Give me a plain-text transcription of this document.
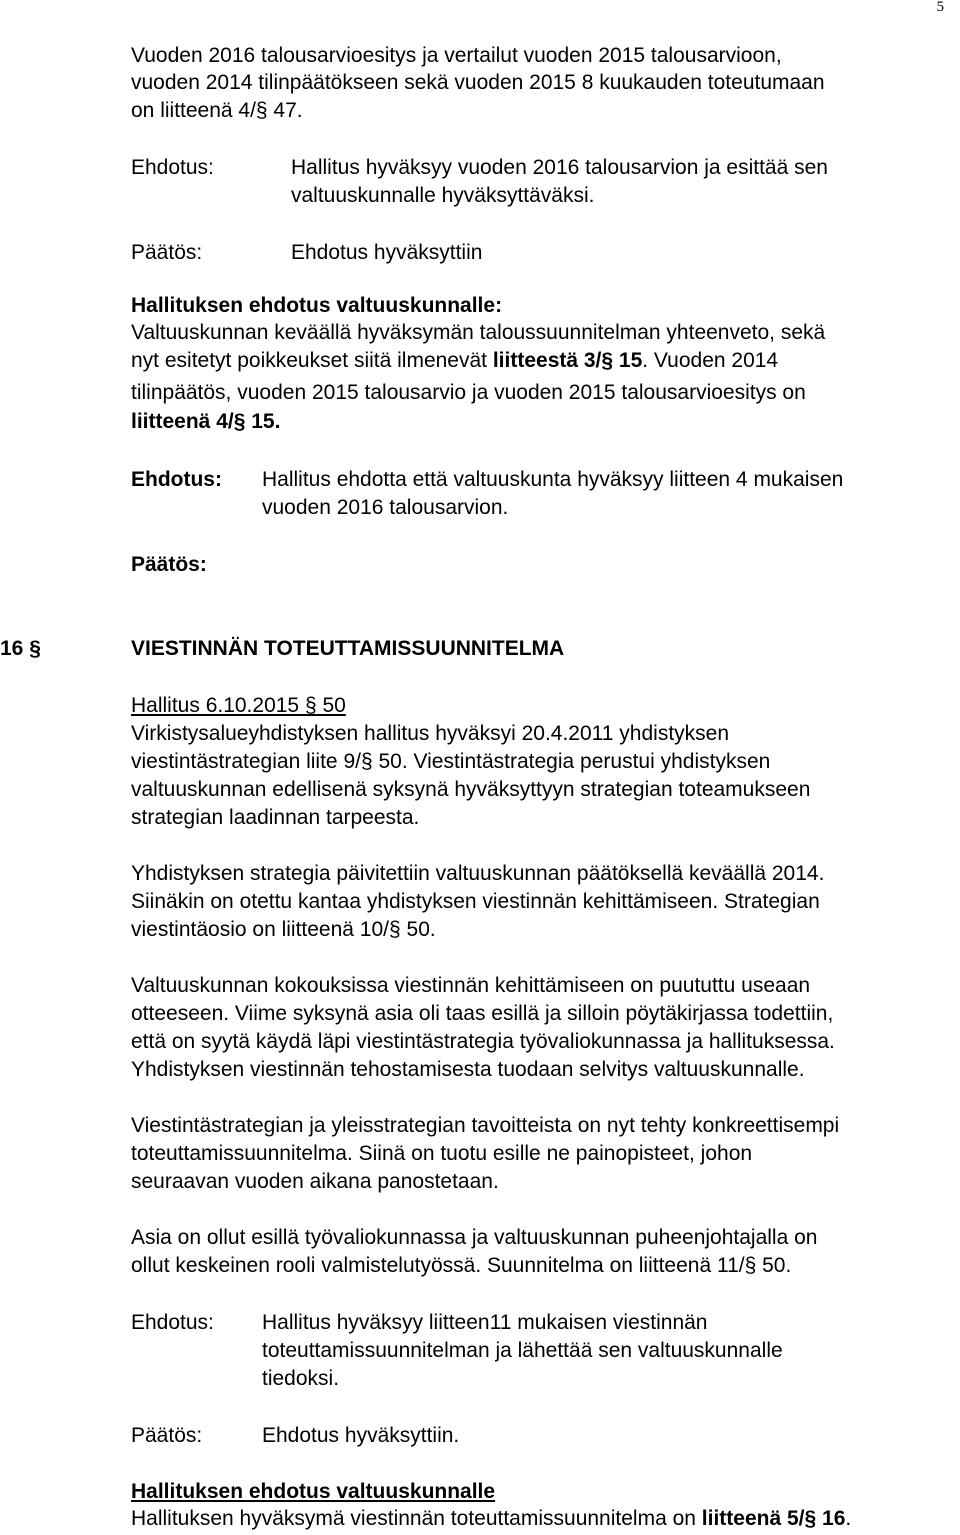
5
Vuoden 2016 talousarvioesitys ja vertailut vuoden 2015 talousarvioon,
vuoden 2014 tilinpäätökseen sekä vuoden 2015 8 kuukauden toteutumaan
on liitteenä 4/§ 47.
Ehdotus:	Hallitus hyväksyy vuoden 2016 talousarvion ja esittää sen
valtuuskunnalle hyväksyttäväksi.
Päätös:	Ehdotus hyväksyttiin
Hallituksen ehdotus valtuuskunnalle:
Valtuuskunnan keväällä hyväksymän taloussuunnitelman yhteenveto, sekä
nyt esitetyt poikkeukset siitä ilmenevät liitteestä 3/§ 15. Vuoden 2014
tilinpäätös, vuoden 2015 talousarvio ja vuoden 2015 talousarvioesitys on
liitteenä 4/§ 15.
Ehdotus: Hallitus ehdotta että valtuuskunta hyväksyy liitteen 4 mukaisen
vuoden 2016 talousarvion.
Päätös:
16 §	VIESTINNÄN TOTEUTTAMISSUUNNITELMA
Hallitus 6.10.2015 § 50
Virkistysalueyhdistyksen hallitus hyväksyi 20.4.2011 yhdistyksen
viestintästrategian liite 9/§ 50. Viestintästrategia perustui yhdistyksen
valtuuskunnan edellisenä syksynä hyväksyttyyn strategian toteamukseen
strategian laadinnan tarpeesta.
Yhdistyksen strategia päivitettiin valtuuskunnan päätöksellä keväällä 2014.
Siinäkin on otettu kantaa yhdistyksen viestinnän kehittämiseen. Strategian
viestintäosio on liitteenä 10/§ 50.
Valtuuskunnan kokouksissa viestinnän kehittämiseen on puututtu useaan
otteeseen. Viime syksynä asia oli taas esillä ja silloin pöytäkirjassa todettiin,
että on syytä käydä läpi viestintästrategia työvaliokunnassa ja hallituksessa.
Yhdistyksen viestinnän tehostamisesta tuodaan selvitys valtuuskunnalle.
Viestintästrategian ja yleisstrategian tavoitteista on nyt tehty konkreettisempi
toteuttamissuunnitelma. Siinä on tuotu esille ne painopisteet, johon
seuraavan vuoden aikana panostetaan.
Asia on ollut esillä työvaliokunnassa ja valtuuskunnan puheenjohtajalla on
ollut keskeinen rooli valmistelutyössä. Suunnitelma on liitteenä 11/§ 50.
Ehdotus: Hallitus hyväksyy liitteen11 mukaisen viestinnän
toteuttamissuunnitelman ja lähettää sen valtuuskunnalle
tiedoksi.
Päätös:	Ehdotus hyväksyttiin.
Hallituksen ehdotus valtuuskunnalle
Hallituksen hyväksymä viestinnän toteuttamissuunnitelma on liitteenä 5/§ 16.
